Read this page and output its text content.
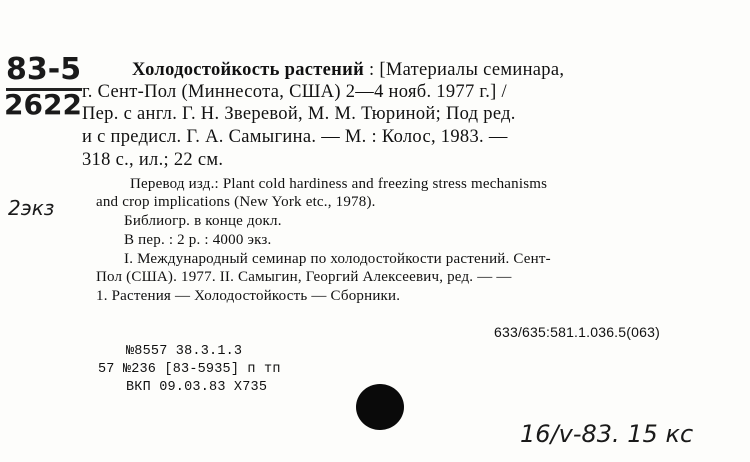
83-5
2622
2экз

Холодостойкость растений : [Материалы семинара,

г. Сент-Пол (Миннесота, США) 2—4 нояб. 1977 г.] /

Пер. с англ. Г. Н. Зверевой, М. М. Тюриной; Под ред.

и с предисл. Г. А. Самыгина. — М. : Колос, 1983. —

318 с., ил.; 22 см.

Перевод изд.: Plant cold hardiness and freezing stress mechanisms

and crop implications (New York etc., 1978).

Библиогр. в конце докл.

В пер. : 2 р. : 4000 экз.

I. Международный семинар по холодостойкости растений. Сент-

Пол (США). 1977. II. Самыгин, Георгий Алексеевич, ред. — —

1. Растения — Холодостойкость — Сборники.

633/635:581.1.036.5(063)

№8557 38.3.1.3

57 №236 [83-5935] п тп

ВКП 09.03.83 Х735

16/v-83. 15 кс
